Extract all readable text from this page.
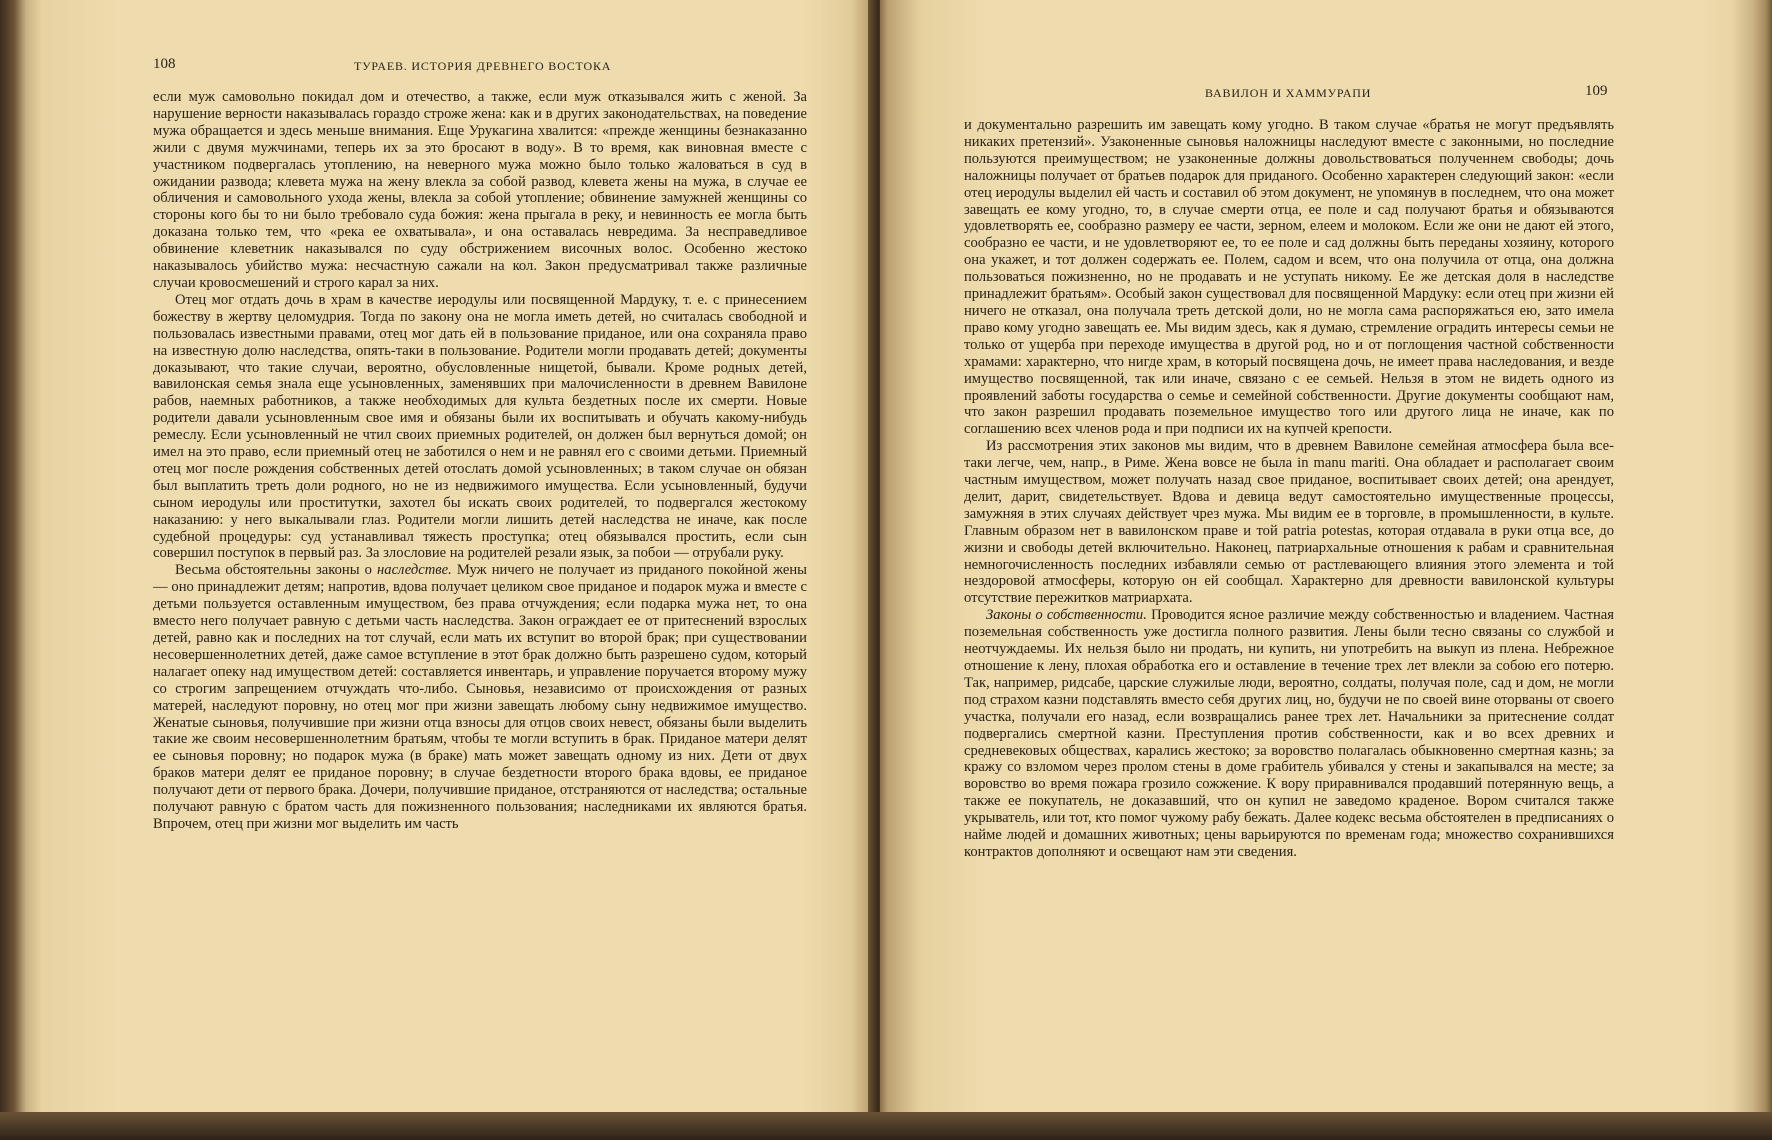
108	ТУРАЕВ. ИСТОРИЯ ДРЕВНЕГО ВОСТОКА

если муж самовольно покидал дом и отечество, а также, если муж отказывался жить с женой. За нарушение верности наказывалась гораздо строже жена: как и в других законодательствах, на поведение мужа обращается и здесь меньше внимания. Еще Урукагина хвалится: «прежде женщины безнаказанно жили с двумя мужчинами, теперь их за это бросают в воду». В то время, как виновная вместе с участником подвергалась утоплению, на неверного мужа можно было только жаловаться в суд в ожидании развода; клевета мужа на жену влекла за собой развод, клевета жены на мужа, в случае ее обличения и самовольного ухода жены, влекла за собой утопление; обвинение замужней женщины со стороны кого бы то ни было требовало суда божия: жена прыгала в реку, и невинность ее могла быть доказана только тем, что «река ее охватывала», и она оставалась невредима. За несправедливое обвинение клеветник наказывался по суду обстрижением височных волос. Особенно жестоко наказывалось убийство мужа: несчастную сажали на кол. Закон предусматривал также различные случаи кровосмешений и строго карал за них.

Отец мог отдать дочь в храм в качестве иеродулы или посвященной Мардуку, т. е. с принесением божеству в жертву целомудрия. Тогда по закону она не могла иметь детей, но считалась свободной и пользовалась известными правами, отец мог дать ей в пользование приданое, или она сохраняла право на известную долю наследства, опять-таки в пользование. Родители могли продавать детей; документы доказывают, что такие случаи, вероятно, обусловленные нищетой, бывали. Кроме родных детей, вавилонская семья знала еще усыновленных, заменявших при малочисленности в древнем Вавилоне рабов, наемных работников, а также необходимых для культа бездетных после их смерти. Новые родители давали усыновленным свое имя и обязаны были их воспитывать и обучать какому-нибудь ремеслу. Если усыновленный не чтил своих приемных родителей, он должен был вернуться домой; он имел на это право, если приемный отец не заботился о нем и не равнял его с своими детьми. Приемный отец мог после рождения собственных детей отослать домой усыновленных; в таком случае он обязан был выплатить треть доли родного, но не из недвижимого имущества. Если усыновленный, будучи сыном иеродулы или проститутки, захотел бы искать своих родителей, то подвергался жестокому наказанию: у него выкалывали глаз. Родители могли лишить детей наследства не иначе, как после судебной процедуры: суд устанавливал тяжесть проступка; отец обязывался простить, если сын совершил поступок в первый раз. За злословие на родителей резали язык, за побои — отрубали руку.

Весьма обстоятельны законы о наследстве. Муж ничего не получает из приданого покойной жены — оно принадлежит детям; напротив, вдова получает целиком свое приданое и подарок мужа и вместе с детьми пользуется оставленным имуществом, без права отчуждения; если подарка мужа нет, то она вместо него получает равную с детьми часть наследства. Закон ограждает ее от притеснений взрослых детей, равно как и последних на тот случай, если мать их вступит во второй брак; при существовании несовершеннолетних детей, даже самое вступление в этот брак должно быть разрешено судом, который налагает опеку над имуществом детей: составляется инвентарь, и управление поручается второму мужу со строгим запрещением отчуждать что-либо. Сыновья, независимо от происхождения от разных матерей, наследуют поровну, но отец мог при жизни завещать любому сыну недвижимое имущество. Женатые сыновья, получившие при жизни отца взносы для отцов своих невест, обязаны были выделить такие же своим несовершеннолетним братьям, чтобы те могли вступить в брак. Приданое матери делят ее сыновья поровну; но подарок мужа (в браке) мать может завещать одному из них. Дети от двух браков матери делят ее приданое поровну; в случае бездетности второго брака вдовы, ее приданое получают дети от первого брака. Дочери, получившие приданое, отстраняются от наследства; остальные получают равную с братом часть для пожизненного пользования; наследниками их являются братья. Впрочем, отец при жизни мог выделить им часть

ВАВИЛОН И ХАММУРАПИ	109

и документально разрешить им завещать кому угодно. В таком случае «братья не могут предъявлять никаких претензий». Узаконенные сыновья наложницы наследуют вместе с законными, но последние пользуются преимуществом; не узаконенные должны довольствоваться полученнем свободы; дочь наложницы получает от братьев подарок для приданого. Особенно характерен следующий закон: «если отец иеродулы выделил ей часть и составил об этом документ, не упомянув в последнем, что она может завещать ее кому угодно, то, в случае смерти отца, ее поле и сад получают братья и обязываются удовлетворять ее, сообразно размеру ее части, зерном, елеем и молоком. Если же они не дают ей этого, сообразно ее части, и не удовлетворяют ее, то ее поле и сад должны быть переданы хозяину, которого она укажет, и тот должен содержать ее. Полем, садом и всем, что она получила от отца, она должна пользоваться пожизненно, но не продавать и не уступать никому. Ее же детская доля в наследстве принадлежит братьям». Особый закон существовал для посвященной Мардуку: если отец при жизни ей ничего не отказал, она получала треть детской доли, но не могла сама распоряжаться ею, зато имела право кому угодно завещать ее. Мы видим здесь, как я думаю, стремление оградить интересы семьи не только от ущерба при переходе имущества в другой род, но и от поглощения частной собственности храмами: характерно, что нигде храм, в который посвящена дочь, не имеет права наследования, и везде имущество посвященной, так или иначе, связано с ее семьей. Нельзя в этом не видеть одного из проявлений заботы государства о семье и семейной собственности. Другие документы сообщают нам, что закон разрешил продавать поземельное имущество того или другого лица не иначе, как по соглашению всех членов рода и при подписи их на купчей крепости.

Из рассмотрения этих законов мы видим, что в древнем Вавилоне семейная атмосфера была все-таки легче, чем, напр., в Риме. Жена вовсе не была in manu mariti. Она обладает и располагает своим частным имуществом, может получать назад свое приданое, воспитывает своих детей; она арендует, делит, дарит, свидетельствует. Вдова и девица ведут самостоятельно имущественные процессы, замужняя в этих случаях действует чрез мужа. Мы видим ее в торговле, в промышленности, в культе. Главным образом нет в вавилонском праве и той patria potestas, которая отдавала в руки отца все, до жизни и свободы детей включительно. Наконец, патриархальные отношения к рабам и сравнительная немногочисленность последних избавляли семью от растлевающего влияния этого элемента и той нездоровой атмосферы, которую он ей сообщал. Характерно для древности вавилонской культуры отсутствие пережитков матриархата.

Законы о собственности. Проводится ясное различие между собственностью и владением. Частная поземельная собственность уже достигла полного развития. Лены были тесно связаны со службой и неотчуждаемы. Их нельзя было ни продать, ни купить, ни употребить на выкуп из плена. Небрежное отношение к лену, плохая обработка его и оставление в течение трех лет влекли за собою его потерю. Так, например, ридсабе, царские служилые люди, вероятно, солдаты, получая поле, сад и дом, не могли под страхом казни подставлять вместо себя других лиц, но, будучи не по своей вине оторваны от своего участка, получали его назад, если возвращались ранее трех лет. Начальники за притеснение солдат подвергались смертной казни. Преступления против собственности, как и во всех древних и средневековых обществах, карались жестоко; за воровство полагалась обыкновенно смертная казнь; за кражу со взломом через пролом стены в доме грабитель убивался у стены и закапывался на месте; за воровство во время пожара грозило сожжение. К вору приравнивался продавший потерянную вещь, а также ее покупатель, не доказавший, что он купил не заведомо краденое. Вором считался также укрыватель, или тот, кто помог чужому рабу бежать. Далее кодекс весьма обстоятелен в предписаниях о найме людей и домашних животных; цены варьируются по временам года; множество сохранившихся контрактов дополняют и освещают нам эти сведения.
